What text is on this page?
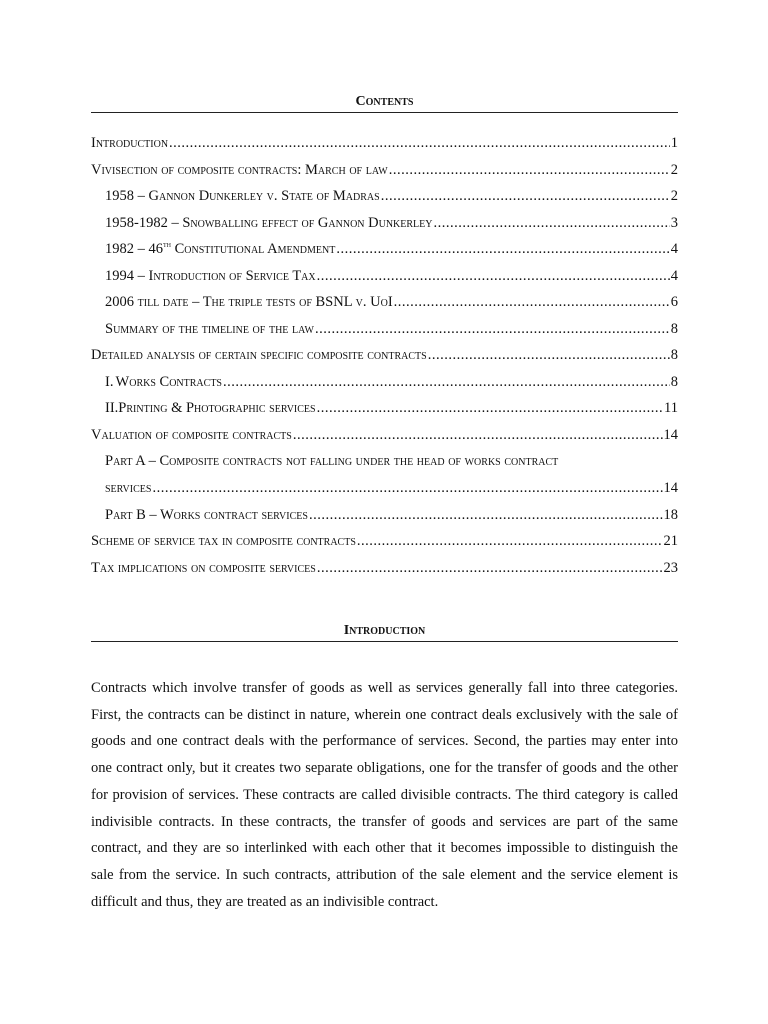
Contents
Introduction .....	1
Vivisection of composite contracts: March of law .....	2
1958 – Gannon Dunkerley v. State of Madras .....	2
1958-1982 – Snowballing effect of Gannon Dunkerley .....	3
1982 – 46th Constitutional Amendment .....	4
1994 – Introduction of Service Tax .....	4
2006 till date – The triple tests of BSNL v. UoI .....	6
Summary of the timeline of the law .....	8
Detailed analysis of certain specific composite contracts .....	8
I. Works Contracts .....	8
II. Printing & Photographic services .....	11
Valuation of composite contracts .....	14
Part A – Composite contracts not falling under the head of works contract
services .....	14
Part B – Works contract services .....	18
Scheme of service tax in composite contracts .....	21
Tax implications on composite services .....	23
Introduction

Contracts which involve transfer of goods as well as services generally fall into three categories. First, the contracts can be distinct in nature, wherein one contract deals exclusively with the sale of goods and one contract deals with the performance of services. Second, the parties may enter into one contract only, but it creates two separate obligations, one for the transfer of goods and the other for provision of services. These contracts are called divisible contracts. The third category is called indivisible contracts. In these contracts, the transfer of goods and services are part of the same contract, and they are so interlinked with each other that it becomes impossible to distinguish the sale from the service. In such contracts, attribution of the sale element and the service element is difficult and thus, they are treated as an indivisible contract.
